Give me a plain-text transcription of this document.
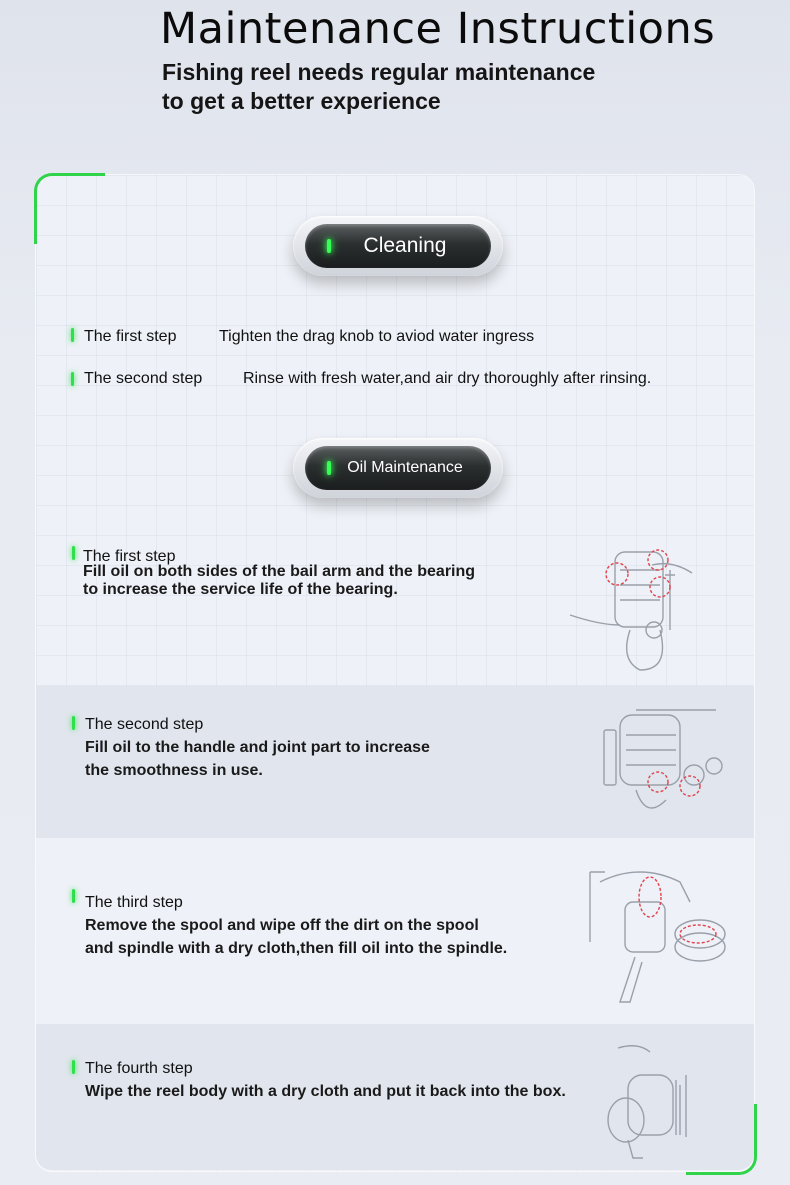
Maintenance Instructions
Fishing reel needs regular maintenance
to get a better experience
Cleaning
The first step	Tighten the drag knob to aviod water ingress
The second step	Rinse with fresh water,and air dry thoroughly after rinsing.
Oil Maintenance
The first step
Fill oil on both sides of the bail arm and the bearing
to increase the service life of the bearing.
The second step
Fill oil to the handle and joint part to increase
the smoothness in use.
The third step
Remove the spool and wipe off the dirt on the spool
and spindle with a dry cloth,then fill oil into the spindle.
The fourth step
Wipe the reel body with a dry cloth and put it back into the box.
